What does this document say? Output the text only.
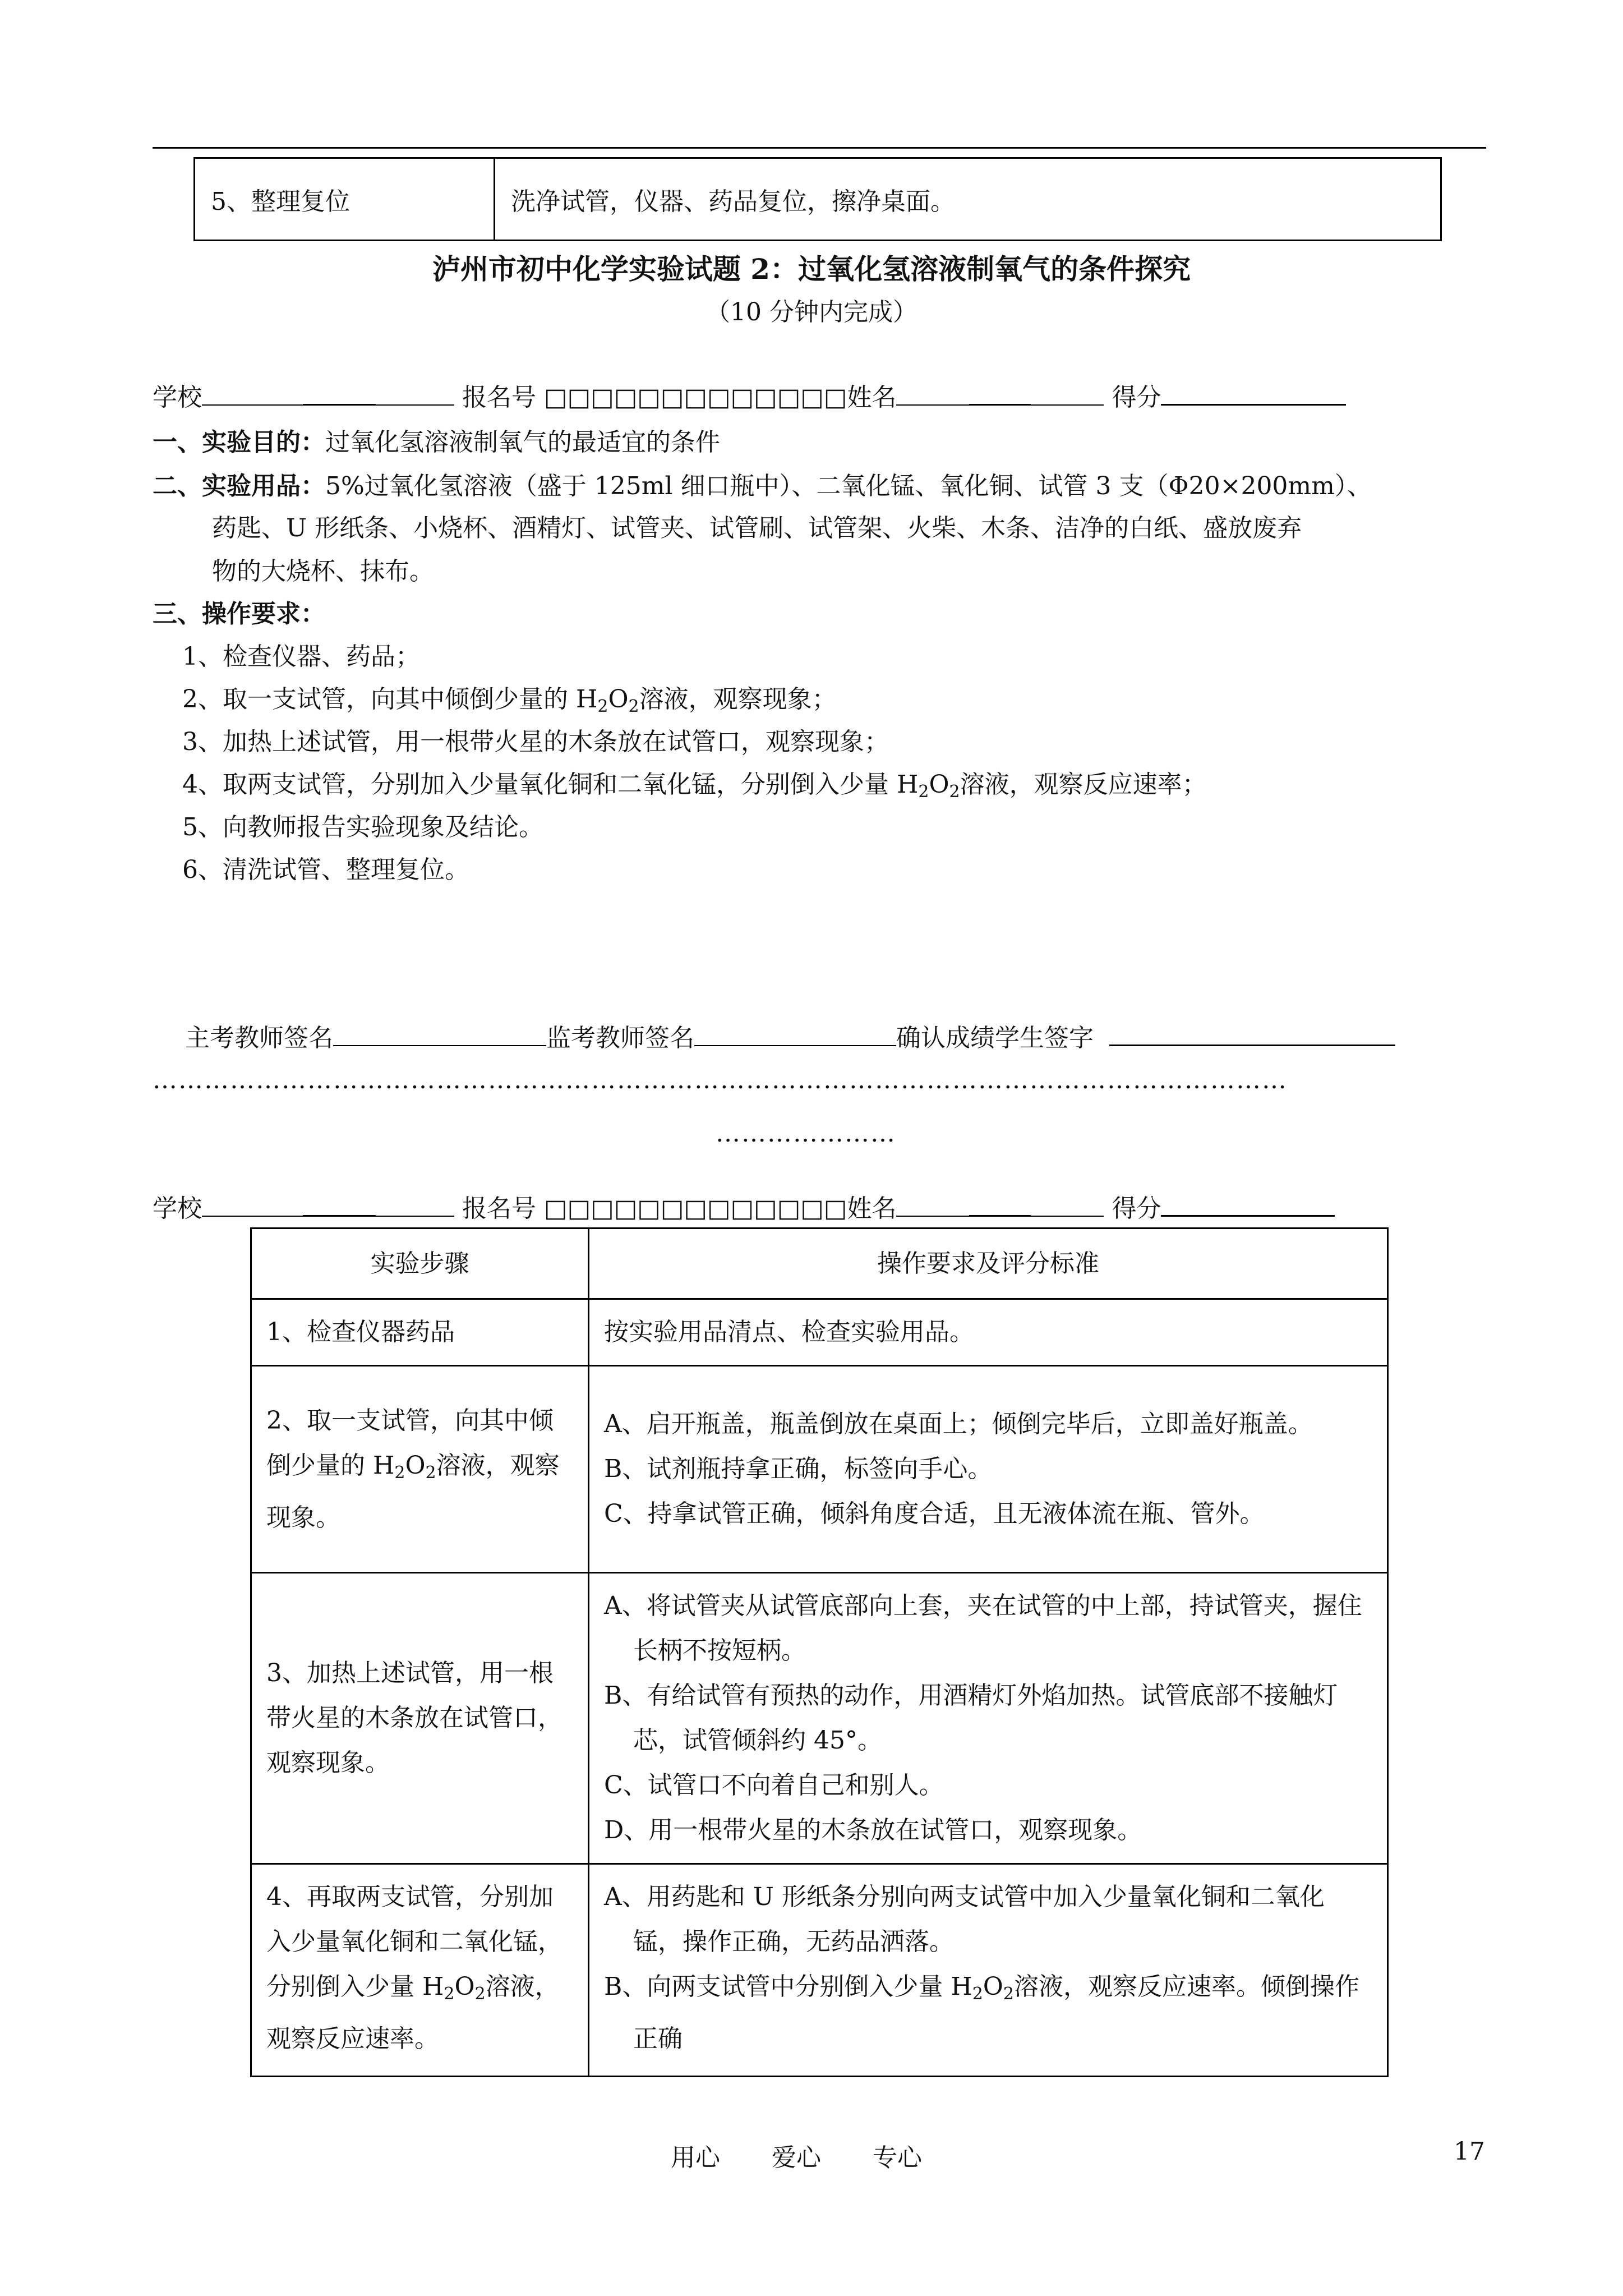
5、整理复位	洗净试管，仪器、药品复位，擦净桌面。
泸州市初中化学实验试题 2：过氧化氢溶液制氧气的条件探究
（10 分钟内完成）
学校	报名号 □□□□□□□□□□□□□姓名	得分
一、实验目的：过氧化氢溶液制氧气的最适宜的条件
二、实验用品：5%过氧化氢溶液（盛于 125ml 细口瓶中）、二氧化锰、氧化铜、试管 3 支（Φ20×200mm）、
药匙、U 形纸条、小烧杯、酒精灯、试管夹、试管刷、试管架、火柴、木条、洁净的白纸、盛放废弃
物的大烧杯、抹布。
三、操作要求：
1、检查仪器、药品；
2、取一支试管，向其中倾倒少量的 $H_2O_2$溶液，观察现象；
3、加热上述试管，用一根带火星的木条放在试管口，观察现象；
4、取两支试管，分别加入少量氧化铜和二氧化锰，分别倒入少量 $H_2O_2$溶液，观察反应速率；
5、向教师报告实验现象及结论。
6、清洗试管、整理复位。
主考教师签名	监考教师签名	确认成绩学生签字
……………………………………………………………………………………………………………………
…………………
学校	报名号 □□□□□□□□□□□□□姓名	得分
实验步骤	操作要求及评分标准
1、检查仪器药品	按实验用品清点、检查实验用品。
2、取一支试管，向其中倾倒少量的 $H_2O_2$溶液，观察现象。	A、启开瓶盖，瓶盖倒放在桌面上；倾倒完毕后，立即盖好瓶盖。
B、试剂瓶持拿正确，标签向手心。
C、持拿试管正确，倾斜角度合适，且无液体流在瓶、管外。

3、加热上述试管，用一根带火星的木条放在试管口，观察现象。	A、将试管夹从试管底部向上套，夹在试管的中上部，持试管夹，握住长柄不按短柄。
B、有给试管有预热的动作，用酒精灯外焰加热。试管底部不接触灯芯，试管倾斜约 45°。
C、试管口不向着自己和别人。
D、用一根带火星的木条放在试管口，观察现象。

4、再取两支试管，分别加入少量氧化铜和二氧化锰，分别倒入少量 $H_2O_2$溶液，观察反应速率。	A、用药匙和 U 形纸条分别向两支试管中加入少量氧化铜和二氧化锰，操作正确，无药品洒落。
B、向两支试管中分别倒入少量 $H_2O_2$溶液，观察反应速率。倾倒操作正确
用心 爱心 专心	17
